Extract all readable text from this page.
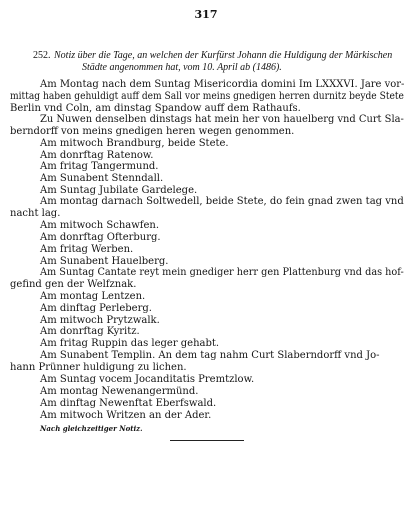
317
252. Notiz über die Tage, an welchen der Kurfürst Johann die Huldigung der Märkischen
Städte angenommen hat, vom 10. April ab (1486).
Am Montag nach dem Suntag Misericordia domini Im LXXXVI. Jare vor-
mittag haben gehuldigt auff dem Sall vor meins gnedigen herren durnitz beyde Stete
Berlin vnd Coln, am dinstag Spandow auff dem Rathaufs.
Zu Nuwen denselben dinstags hat mein her von hauelberg vnd Curt Sla-
berndorff von meins gnedigen heren wegen genommen.
Am mitwoch Brandburg, beide Stete.
Am donrftag Ratenow.
Am fritag Tangermund.
Am Sunabent Stenndall.
Am Suntag Jubilate Gardelege.
Am montag darnach Soltwedell, beide Stete, do fein gnad zwen tag vnd
nacht lag.
Am mitwoch Schawfen.
Am donrftag Ofterburg.
Am fritag Werben.
Am Sunabent Hauelberg.
Am Suntag Cantate reyt mein gnediger herr gen Plattenburg vnd das hof-
gefind gen der Welfznak.
Am montag Lentzen.
Am dinftag Perleberg.
Am mitwoch Prytzwalk.
Am donrftag Kyritz.
Am fritag Ruppin das leger gehabt.
Am Sunabent Templin. An dem tag nahm Curt Slaberndorff vnd Jo-
hann Prünner huldigung zu lichen.
Am Suntag vocem Jocanditatis Premtzlow.
Am montag Newenangermünd.
Am dinftag Newenftat Eberfswald.
Am mitwoch Writzen an der Ader.
Nach gleichzeitiger Notiz.
